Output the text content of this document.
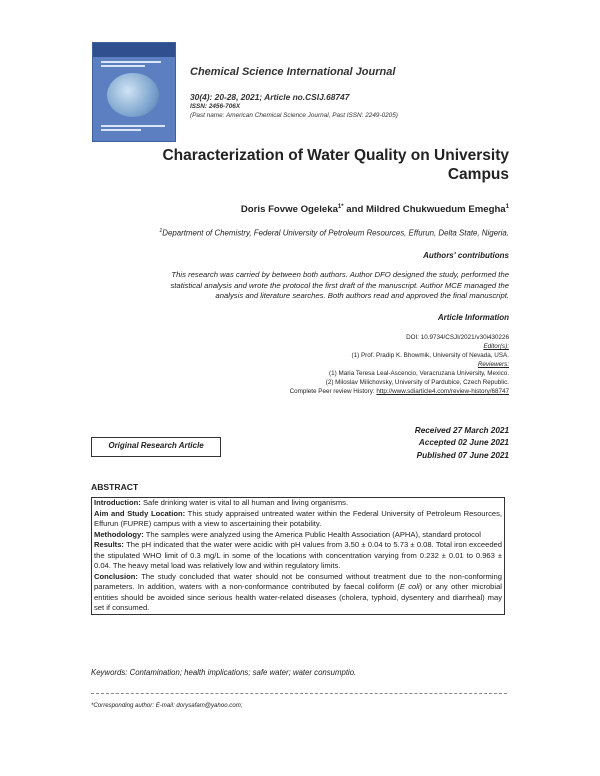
Chemical Science International Journal
30(4): 20-28, 2021; Article no.CSIJ.68747
ISSN: 2456-706X
(Past name: American Chemical Science Journal, Past ISSN: 2249-0205)
Characterization of Water Quality on University
Campus
Doris Fovwe Ogeleka$^{1*}$ and Mildred Chukwuedum Emegha$^1$
$^1$Department of Chemistry, Federal University of Petroleum Resources, Effurun, Delta State, Nigeria.
Authors' contributions
This research was carried by between both authors. Author DFO designed the study, performed the
statistical analysis and wrote the protocol the first draft of the manuscript. Author MCE managed the
analysis and literature searches. Both authors read and approved the final manuscript.
Article Information
DOI: 10.9734/CSJI/2021/v30i430226
Editor(s):
(1) Prof. Pradip K. Bhowmik, University of Nevada, USA.
Reviewers:
(1) Maria Teresa Leal-Ascencio, Veracruzana University, Mexico.
(2) Miloslav Milichovsky, University of Pardubice, Czech Republic.
Complete Peer review History: http://www.sdiarticle4.com/review-history/68747
Original Research Article
Received 27 March 2021
Accepted 02 June 2021
Published 07 June 2021
ABSTRACT

Introduction: Safe drinking water is vital to all human and living organisms.

Aim and Study Location: This study appraised untreated water within the Federal University of Petroleum Resources, Effurun (FUPRE) campus with a view to ascertaining their potability.

Methodology: The samples were analyzed using the America Public Health Association (APHA), standard protocol

Results: The pH indicated that the water were acidic with pH values from 3.50 ± 0.04 to 5.73 ± 0.08. Total iron exceeded the stipulated WHO limit of 0.3 mg/L in some of the locations with concentration varying from 0.232 ± 0.01 to 0.963 ± 0.04. The heavy metal load was relatively low and within regulatory limits.

Conclusion: The study concluded that water should not be consumed without treatment due to the non-conforming parameters. In addition, waters with a non-conformance contributed by faecal coliform (E coli) or any other microbial entities should be avoided since serious health water-related diseases (cholera, typhoid, dysentery and diarrheal) may set if consumed.

Keywords: Contamination; health implications; safe water; water consumptio.
*Corresponding author: E-mail: dorysafam@yahoo.com;
